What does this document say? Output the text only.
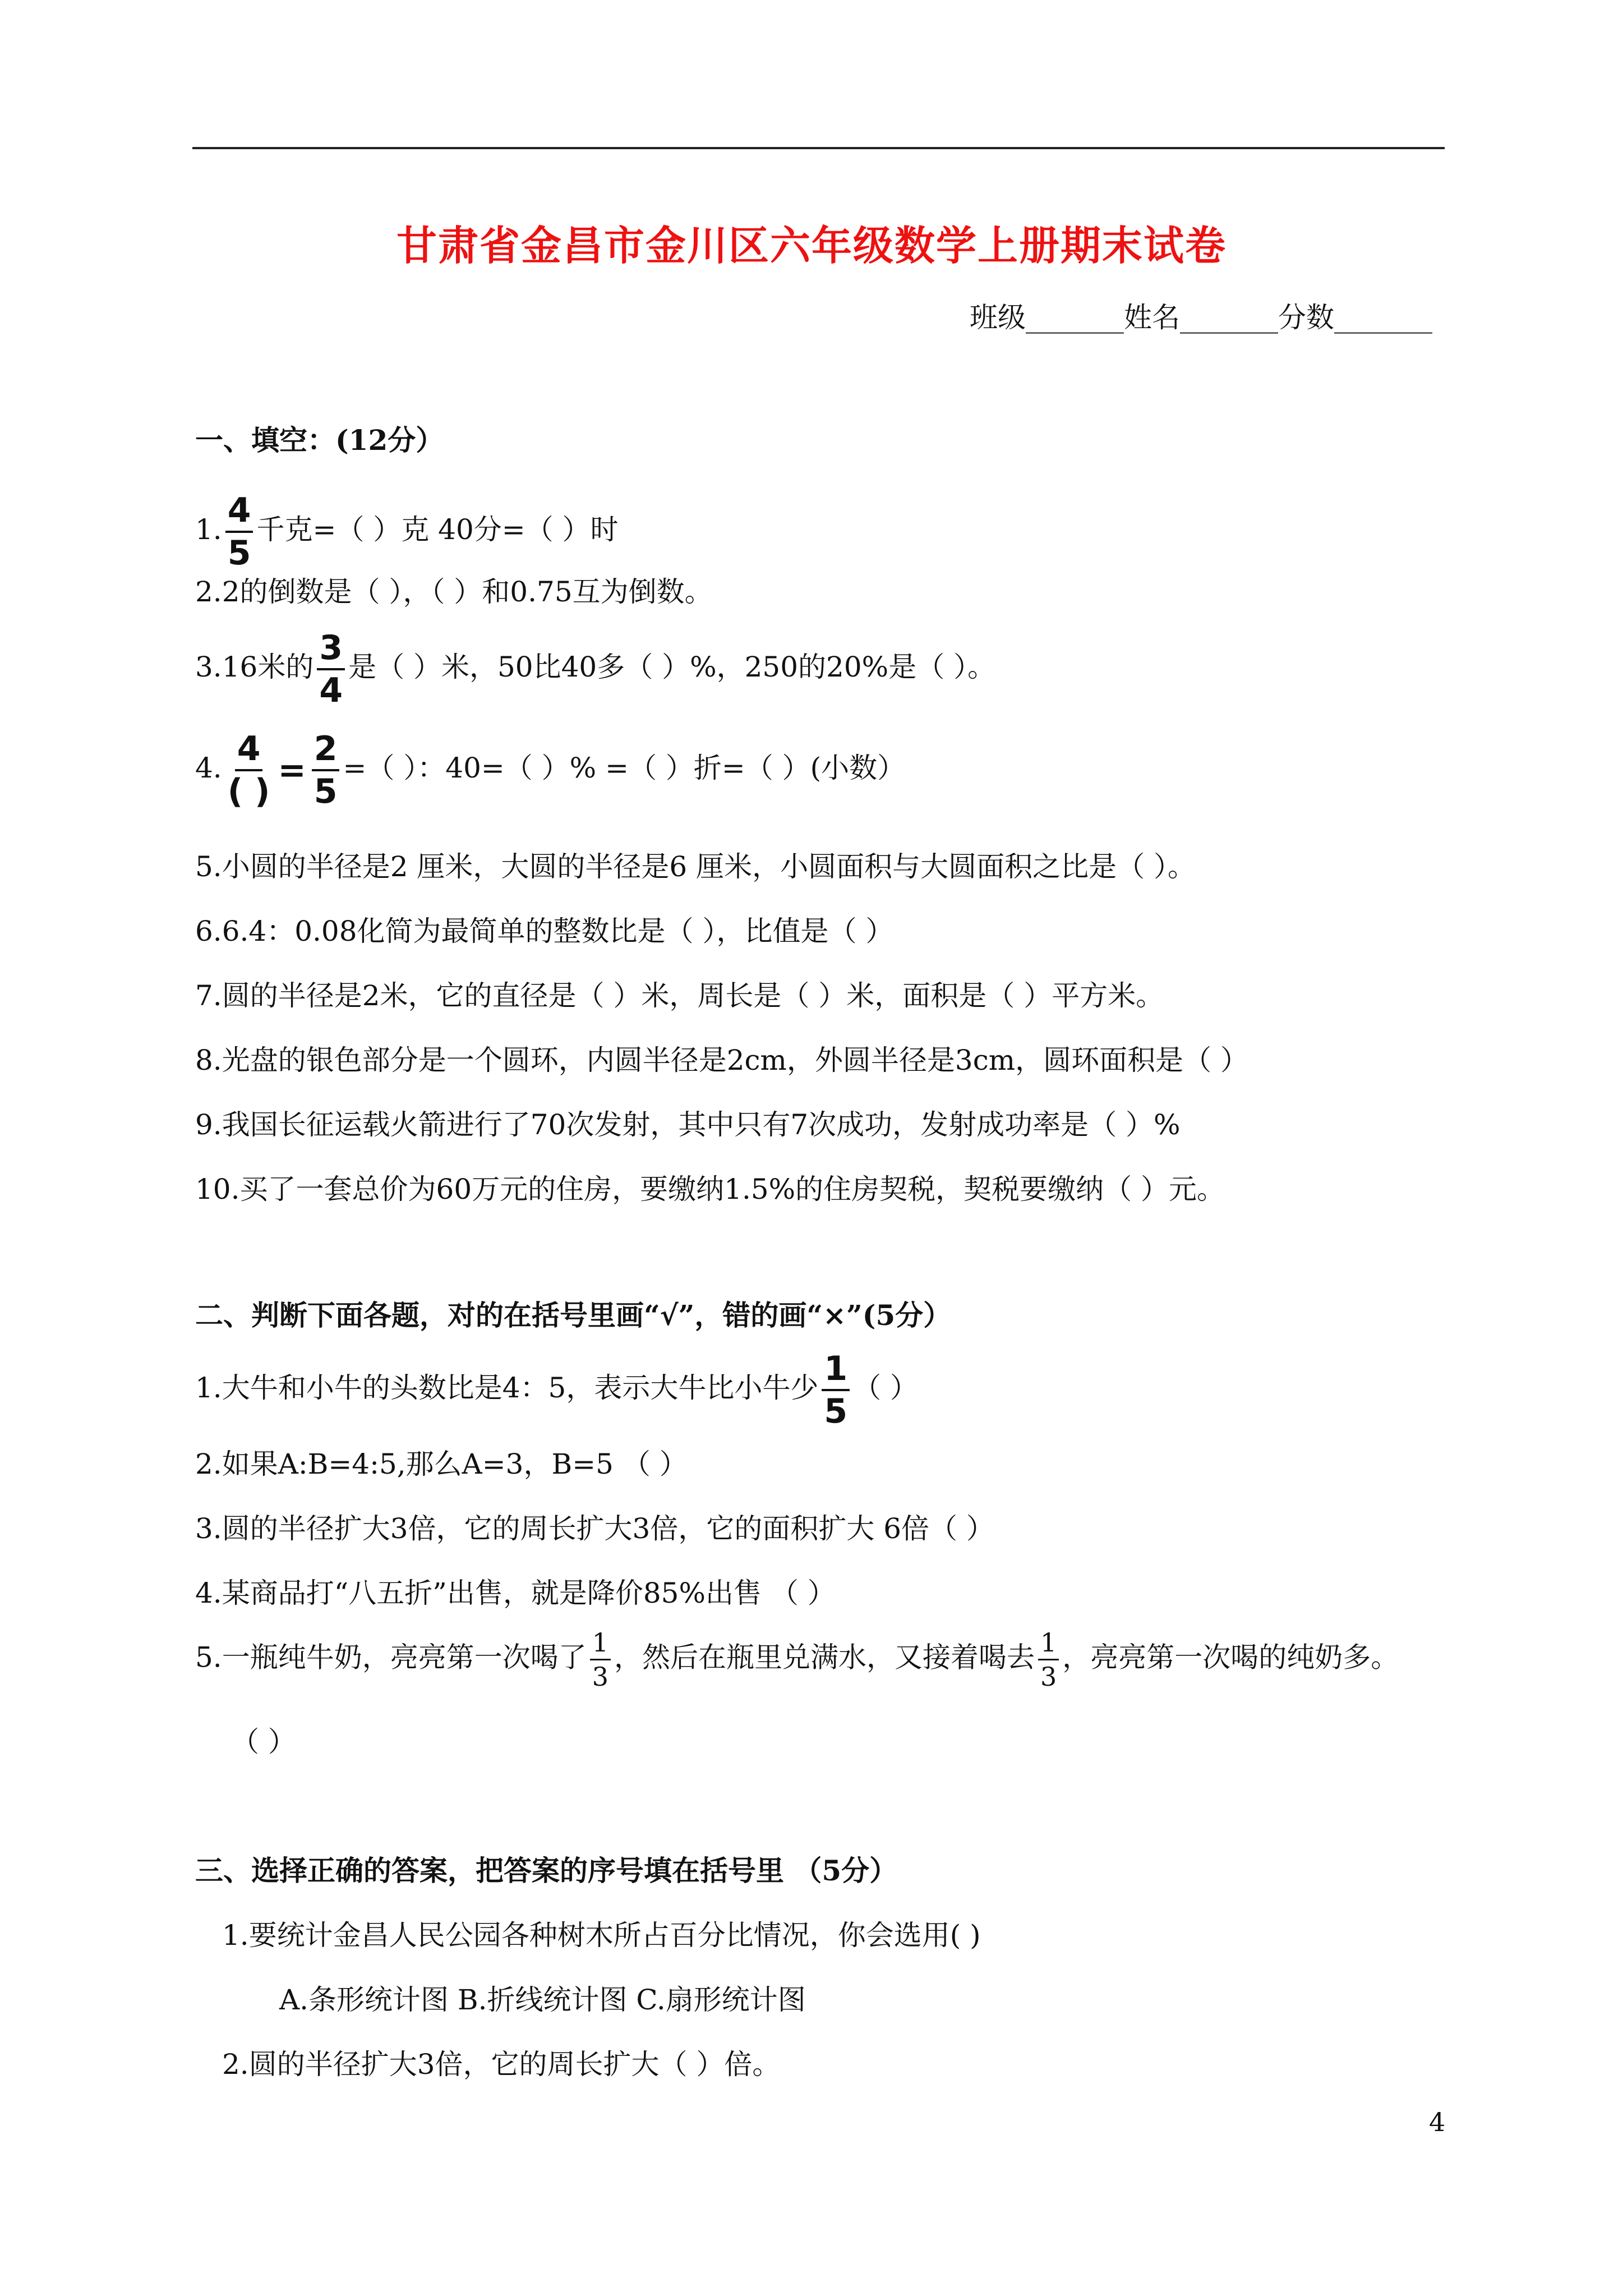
甘肃省金昌市金川区六年级数学上册期末试卷
班级_______姓名_______分数_______
一、填空：(12分）
1. $\frac{4}{5}$ 千克=（ ）克 40分=（ ）时
2.2的倒数是（ ），（ ）和0.75互为倒数。
3.16米的 $\frac{3}{4}$ 是（ ）米，50比40多（ ）%，250的20%是（ ）。
4. $\frac{4}{( )} = \frac{2}{5}$ =（ ）：40=（ ）% =（ ）折=（ ）(小数）
5.小圆的半径是2 厘米，大圆的半径是6 厘米，小圆面积与大圆面积之比是（ ）。
6.6.4：0.08化简为最简单的整数比是（ ），比值是（ ）
7.圆的半径是2米，它的直径是（ ）米，周长是（ ）米，面积是（ ）平方米。
8.光盘的银色部分是一个圆环，内圆半径是2cm，外圆半径是3cm，圆环面积是（ ）
9.我国长征运载火箭进行了70次发射，其中只有7次成功，发射成功率是（ ）%
10.买了一套总价为60万元的住房，要缴纳1.5%的住房契税，契税要缴纳（ ）元。
二、判断下面各题，对的在括号里画“√”，错的画“×”(5分）
1.大牛和小牛的头数比是4：5，表示大牛比小牛少 $\frac{1}{5}$ （ ）
2.如果A:B=4:5,那么A=3，B=5 （ ）
3.圆的半径扩大3倍，它的周长扩大3倍，它的面积扩大 6倍（ ）
4.某商品打“八五折”出售，就是降价85%出售 （ ）
5.一瓶纯牛奶，亮亮第一次喝了 $\frac{1}{3}$ ，然后在瓶里兑满水，又接着喝去 $\frac{1}{3}$ ，亮亮第一次喝的纯奶多。
（ ）
三、选择正确的答案，把答案的序号填在括号里 （5分）
1.要统计金昌人民公园各种树木所占百分比情况，你会选用( )
A.条形统计图 B.折线统计图 C.扇形统计图
2.圆的半径扩大3倍，它的周长扩大（ ）倍。
4
